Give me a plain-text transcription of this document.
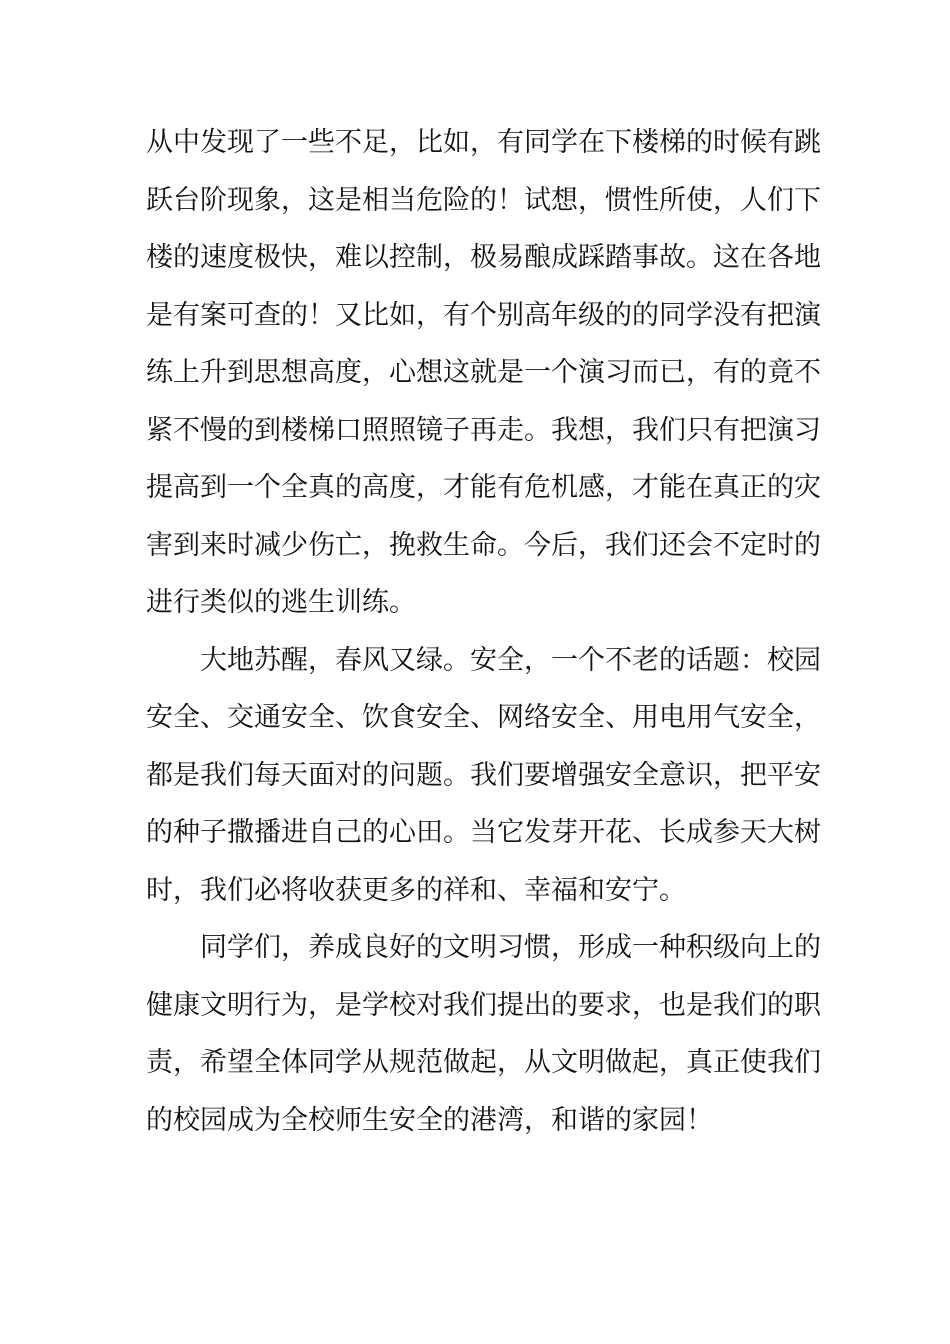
从中发现了一些不足，比如，有同学在下楼梯的时候有跳
跃台阶现象，这是相当危险的！试想，惯性所使，人们下
楼的速度极快，难以控制，极易酿成踩踏事故。这在各地
是有案可查的！又比如，有个别高年级的的同学没有把演
练上升到思想高度，心想这就是一个演习而已，有的竟不
紧不慢的到楼梯口照照镜子再走。我想，我们只有把演习
提高到一个全真的高度，才能有危机感，才能在真正的灾
害到来时减少伤亡，挽救生命。今后，我们还会不定时的
进行类似的逃生训练。
大地苏醒，春风又绿。安全，一个不老的话题：校园
安全、交通安全、饮食安全、网络安全、用电用气安全，
都是我们每天面对的问题。我们要增强安全意识，把平安
的种子撒播进自己的心田。当它发芽开花、长成参天大树
时，我们必将收获更多的祥和、幸福和安宁。
同学们，养成良好的文明习惯，形成一种积级向上的
健康文明行为，是学校对我们提出的要求，也是我们的职
责，希望全体同学从规范做起，从文明做起，真正使我们
的校园成为全校师生安全的港湾，和谐的家园！
